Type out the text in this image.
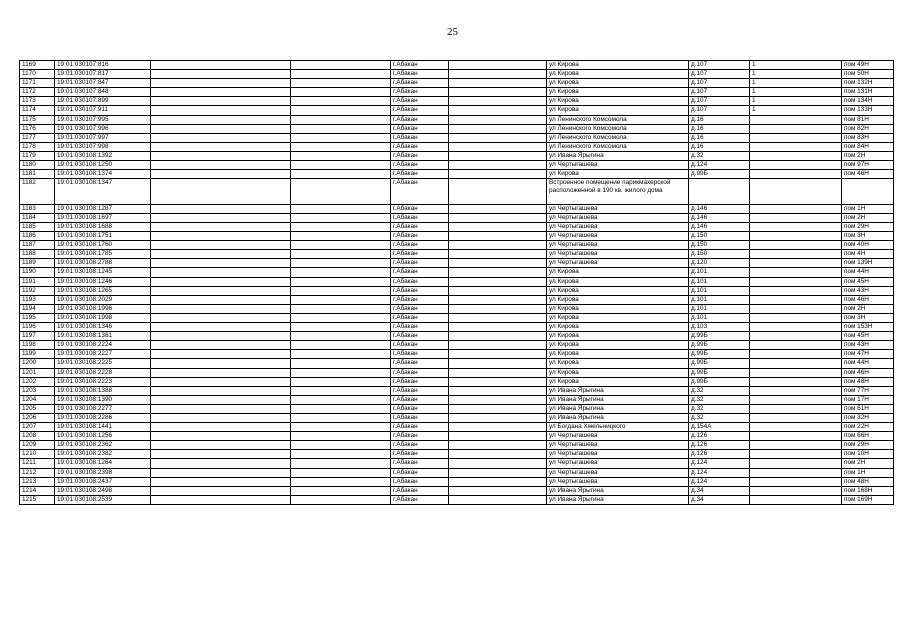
25
1169	19:01:030107:816			г.Абакан		ул Кирова	д.107	1	пом 49Н
1170	19:01:030107:817			г.Абакан		ул Кирова	д.107	1	пом 50Н
1171	19:01:030107:847			г.Абакан		ул Кирова	д.107	1	пом 132Н
1172	19:01:030107:848			г.Абакан		ул Кирова	д.107	1	пом 131Н
1173	19:01:030107:899			г.Абакан		ул Кирова	д.107	1	пом 134Н
1174	19:01:030107:911			г.Абакан		ул Кирова	д.107	1	пом 133Н
1175	19:01:030107:995			г.Абакан		ул Ленинского Комсомола	д.16		пом 81Н
1176	19:01:030107:996			г.Абакан		ул Ленинского Комсомола	д.16		пом 82Н
1177	19:01:030107:997			г.Абакан		ул Ленинского Комсомола	д.16		пом 83Н
1178	19:01:030107:998			г.Абакан		ул Ленинского Комсомола	д.16		пом 84Н
1179	19:01:030108:1392			г.Абакан		ул Ивана Ярыгина	д.32		пом 2Н
1180	19:01:030108:1250			г.Абакан		ул Чертыгашева	д.124		пом 97Н
1181	19:01:030108:1374			г.Абакан		ул Кирова	д.99Б		пом 46Н
1182	19:01:030108:1347			г.Абакан		Встроенное помещение парикмахерской расположенной в 190 кв. жилого дома			
1183	19:01:030108:1287			г.Абакан		ул Чертыгашева	д.146		пом 1Н
1184	19:01:030108:1697			г.Абакан		ул Чертыгашева	д.146		пом 2Н
1185	19:01:030108:1688			г.Абакан		ул Чертыгашева	д.146		пом 29Н
1186	19:01:030108:1751			г.Абакан		ул Чертыгашева	д.150		пом 3Н
1187	19:01:030108:1760			г.Абакан		ул Чертыгашева	д.150		пом 40Н
1188	19:01:030108:1785			г.Абакан		ул Чертыгашева	д.150		пом 4Н
1189	19:01:030108:2788			г.Абакан		ул Чертыгашева	д.120		пом 139Н
1190	19:01:030108:1245			г.Абакан		ул Кирова	д.101		пом 44Н
1191	19:01:030108:1246			г.Абакан		ул Кирова	д.101		пом 45Н
1192	19:01:030108:1265			г.Абакан		ул Кирова	д.101		пом 43Н
1193	19:01:030108:2029			г.Абакан		ул Кирова	д.101		пом 46Н
1194	19:01:030108:1996			г.Абакан		ул Кирова	д.101		пом 2Н
1195	19:01:030108:1998			г.Абакан		ул Кирова	д.101		пом 3Н
1196	19:01:030108:1346			г.Абакан		ул Кирова	д.103		пом 153Н
1197	19:01:030108:1381			г.Абакан		ул Кирова	д.99Б		пом 45Н
1198	19:01:030108:2224			г.Абакан		ул Кирова	д.99Б		пом 43Н
1199	19:01:030108:2227			г.Абакан		ул Кирова	д.99Б		пом 47Н
1200	19:01:030108:2225			г.Абакан		ул Кирова	д.99Б		пом 44Н
1201	19:01:030108:2228			г.Абакан		ул Кирова	д.99Б		пом 46Н
1202	19:01:030108:2223			г.Абакан		ул Кирова	д.99Б		пом 48Н
1203	19:01:030108:1388			г.Абакан		ул Ивана Ярыгина	д.32		пом 77Н
1204	19:01:030108:1390			г.Абакан		ул Ивана Ярыгина	д.32		пом 17Н
1205	19:01:030108:2277			г.Абакан		ул Ивана Ярыгина	д.32		пом 61Н
1206	19:01:030108:2286			г.Абакан		ул Ивана Ярыгина	д.32		пом 32Н
1207	19:01:030108:1441			г.Абакан		ул Богдана Хмельницкого	д.154А		пом 22Н
1208	19:01:030108:1256			г.Абакан		ул Чертыгашева	д.126		пом 66Н
1209	19:01:030108:2362			г.Абакан		ул Чертыгашева	д.126		пом 29Н
1210	19:01:030108:2382			г.Абакан		ул Чертыгашева	д.126		пом 10Н
1211	19:01:030108:1264			г.Абакан		ул Чертыгашева	д.124		пом 2Н
1212	19:01:030108:2398			г.Абакан		ул Чертыгашева	д.124		пом 1Н
1213	19:01:030108:2437			г.Абакан		ул Чертыгашева	д.124		пом 48Н
1214	19:01:030108:2498			г.Абакан		ул Ивана Ярыгина	д.34		пом 168Н
1215	19:01:030108:2539			г.Абакан		ул Ивана Ярыгина	д.34		пом 169Н
